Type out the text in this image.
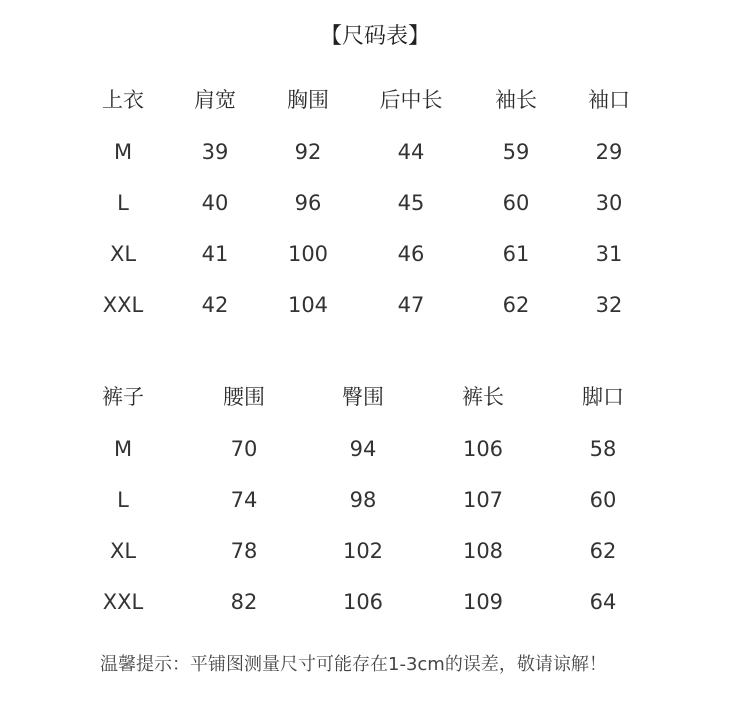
【尺码表】
上衣	肩宽	胸围	后中长	袖长	袖口
M	39	92	44	59	29
L	40	96	45	60	30
XL	41	100	46	61	31
XXL	42	104	47	62	32
裤子	腰围	臀围	裤长	脚口
M	70	94	106	58
L	74	98	107	60
XL	78	102	108	62
XXL	82	106	109	64
温馨提示：平铺图测量尺寸可能存在1-3cm的误差，敬请谅解！
